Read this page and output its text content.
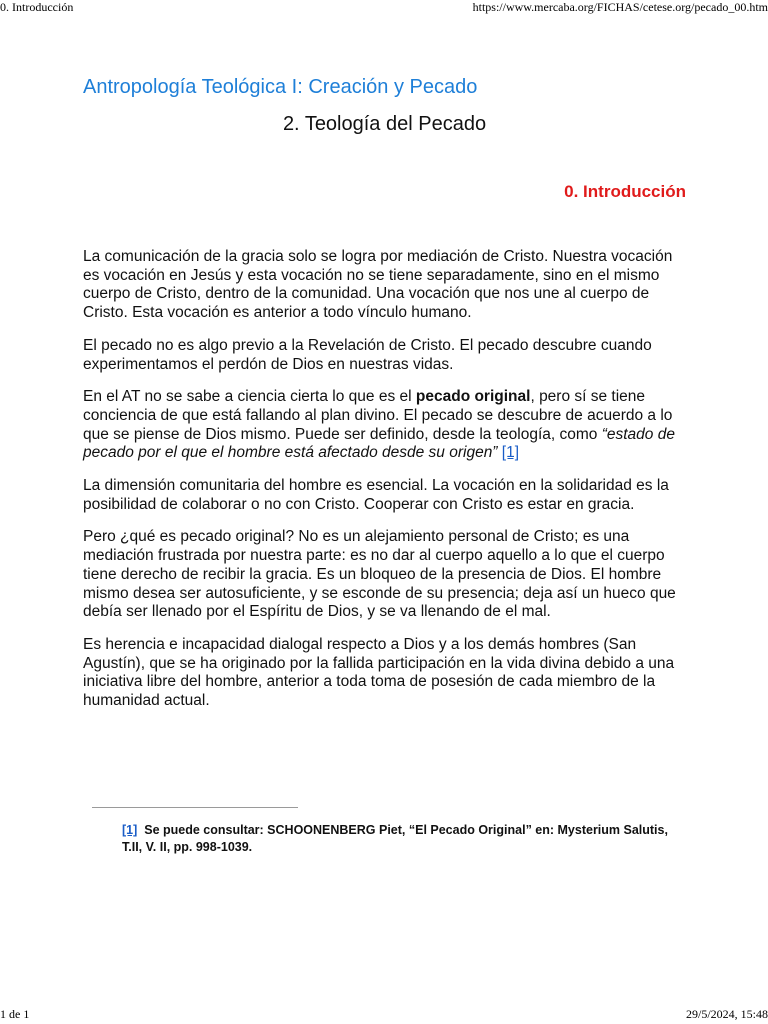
0. Introducción	https://www.mercaba.org/FICHAS/cetese.org/pecado_00.htm
Antropología Teológica I: Creación y Pecado
2. Teología del Pecado
0. Introducción

La comunicación de la gracia solo se logra por mediación de Cristo. Nuestra vocación es vocación en Jesús y esta vocación no se tiene separadamente, sino en el mismo cuerpo de Cristo, dentro de la comunidad. Una vocación que nos une al cuerpo de Cristo. Esta vocación es anterior a todo vínculo humano.

El pecado no es algo previo a la Revelación de Cristo. El pecado descubre cuando experimentamos el perdón de Dios en nuestras vidas.

En el AT no se sabe a ciencia cierta lo que es el pecado original, pero sí se tiene conciencia de que está fallando al plan divino. El pecado se descubre de acuerdo a lo que se piense de Dios mismo. Puede ser definido, desde la teología, como “estado de pecado por el que el hombre está afectado desde su origen” [1]

La dimensión comunitaria del hombre es esencial. La vocación en la solidaridad es la posibilidad de colaborar o no con Cristo. Cooperar con Cristo es estar en gracia.

Pero ¿qué es pecado original? No es un alejamiento personal de Cristo; es una mediación frustrada por nuestra parte: es no dar al cuerpo aquello a lo que el cuerpo tiene derecho de recibir la gracia. Es un bloqueo de la presencia de Dios. El hombre mismo desea ser autosuficiente, y se esconde de su presencia; deja así un hueco que debía ser llenado por el Espíritu de Dios, y se va llenando de el mal.

Es herencia e incapacidad dialogal respecto a Dios y a los demás hombres (San Agustín), que se ha originado por la fallida participación en la vida divina debido a una iniciativa libre del hombre, anterior a toda toma de posesión de cada miembro de la humanidad actual.

[1] Se puede consultar: SCHOONENBERG Piet, “El Pecado Original” en: Mysterium Salutis, T.II, V. II, pp. 998-1039.
1 de 1	29/5/2024, 15:48
